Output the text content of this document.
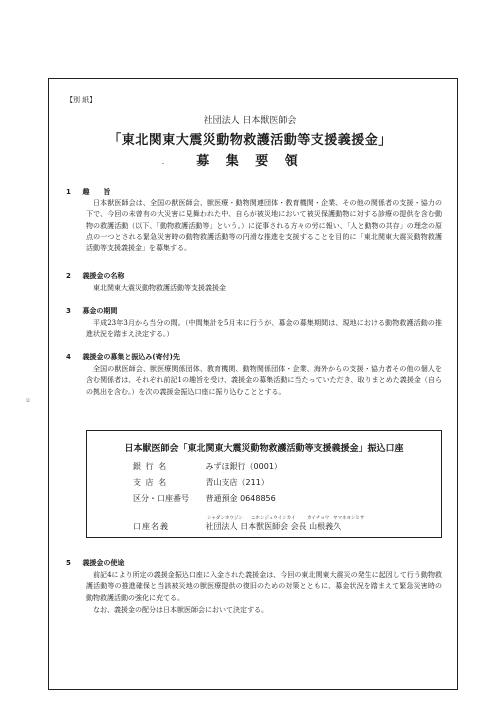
【別 紙】
社団法人 日本獣医師会
「東北関東大震災動物救護活動等支援義援金」
募 集 要 領
・
ıı
1 趣　　旨
日本獣医師会は、全国の獣医師会、獣医療・動物関連団体・教育機関・企業、その他の関係者の支援・協力の下で、今回の未曾有の大災害に見舞われた中、自らが被災地において被災保護動物に対する診療の提供を含む動物の救護活動（以下、「動物救護活動等」という。）に従事される方々の労に報い、「人と動物の共存」の理念の原点の一つとされる緊急災害時の動物救護活動等の円滑な推進を支援することを目的に「東北関東大震災動物救護活動等支援義援金」を募集する。
2 義援金の名称
東北関東大震災動物救護活動等支援義援金
3 募金の期間
平成23年3月から当分の間。（中間集計を5月末に行うが、募金の募集期間は、現地における動物救護活動の推進状況を踏まえ決定する。）
4 義援金の募集と振込み(寄付)先
全国の獣医師会、獣医療関係団体、教育機関、動物関係団体・企業、海外からの支援・協力者その他の個人を含む関係者は、それぞれ前記1の趣旨を受け、義援金の募集活動に当たっていただき、取りまとめた義援金（自らの拠出を含む。）を次の義援金振込口座に振り込むこととする。
日本獣医師会「東北関東大震災動物救護活動等支援義援金」振込口座
銀 行 名	みずほ銀行（0001）
支 店 名	青山支店（211）
区分・口座番号 普通預金 0648856
シャダンホウジン ニホンジュウイシカイ	カイチョウ ヤマネヨシヒサ
口座名義	社団法人 日本獣医師会 会長 山根義久
5 義援金の使途
前記4により所定の義援金振込口座に入金された義援金は、今回の東北関東大震災の発生に起因して行う動物救護活動等の推進確保と当該被災地の獣医療提供の復旧のための対策とともに、募金状況を踏まえて緊急災害時の動物救護活動の強化に充てる。
なお、義援金の配分は日本獣医師会において決定する。
